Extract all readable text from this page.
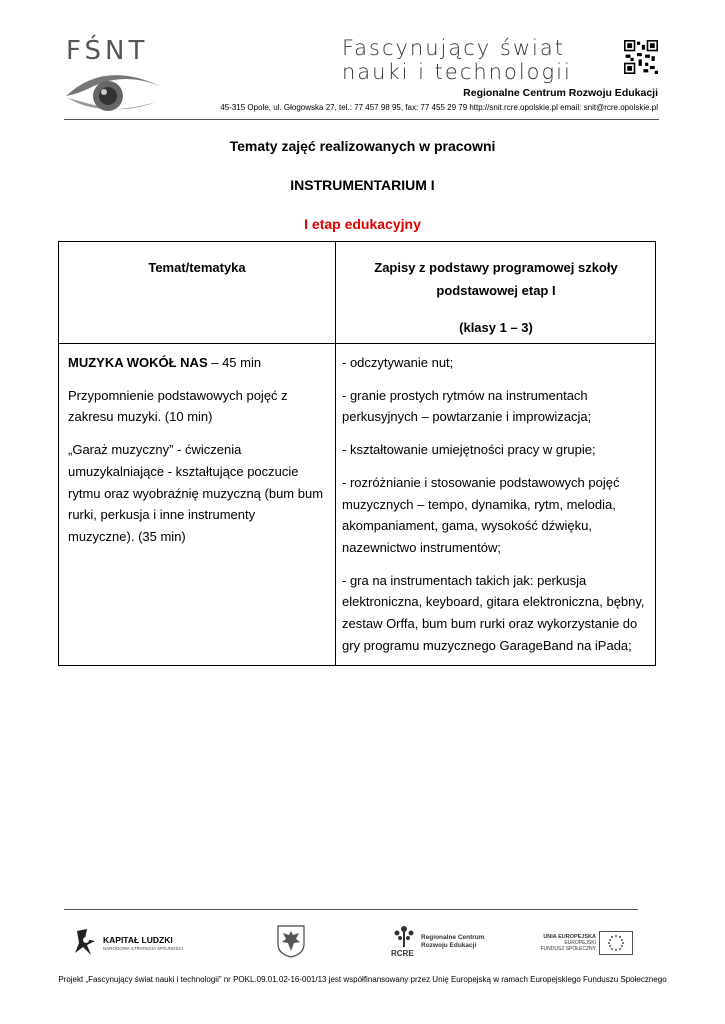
FŚNT	Fascynujący świat
nauki i technologii
Regionalne Centrum Rozwoju Edukacji
45-315 Opole, ul. Głogowska 27, tel.: 77 457 98 95, fax: 77 455 29 79 http://snit.rcre.opolskie.pl email: snit@rcre.opolskie.pl
Tematy zajęć realizowanych w pracowni
INSTRUMENTARIUM I
I etap edukacyjny
Temat/tematyka	Zapisy z podstawy programowej szkoły podstawowej etap I
(klasy 1 – 3)

MUZYKA WOKÓŁ NAS – 45 min

Przypomnienie podstawowych pojęć z zakresu muzyki. (10 min)

„Garaż muzyczny” - ćwiczenia umuzykalniające - kształtujące poczucie rytmu oraz wyobraźnię muzyczną (bum bum rurki, perkusja i inne instrumenty muzyczne). (35 min)

- odczytywanie nut;

- granie prostych rytmów na instrumentach perkusyjnych – powtarzanie i improwizacja;

- kształtowanie umiejętności pracy w grupie;

- rozróżnianie i stosowanie podstawowych pojęć muzycznych – tempo, dynamika, rytm, melodia, akompaniament, gama, wysokość dźwięku, nazewnictwo instrumentów;

- gra na instrumentach takich jak: perkusja elektroniczna, keyboard, gitara elektroniczna, bębny, zestaw Orffa, bum bum rurki oraz wykorzystanie do gry programu muzycznego GarageBand na iPada;

KAPITAŁ LUDZKI
NARODOWA STRATEGIA SPÓJNOŚCI
RCRE
Regionalne Centrum
Rozwoju Edukacji
UNIA EUROPEJSKA
EUROPEJSKI
FUNDUSZ SPOŁECZNY
Projekt „Fascynujący świat nauki i technologii” nr POKL.09.01.02-16-001/13 jest współfinansowany przez Unię Europejską w ramach Europejskiego Funduszu Społecznego
